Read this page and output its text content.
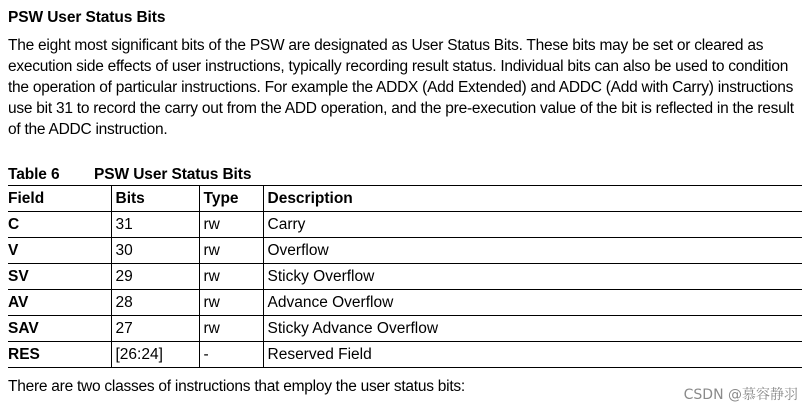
PSW User Status Bits
The eight most significant bits of the PSW are designated as User Status Bits. These bits may be set or cleared as execution side effects of user instructions, typically recording result status. Individual bits can also be used to condition the operation of particular instructions. For example the ADDX (Add Extended) and ADDC (Add with Carry) instructions use bit 31 to record the carry out from the ADD operation, and the pre-execution value of the bit is reflected in the result of the ADDC instruction.
Table 6	PSW User Status Bits
Field	Bits	Type	Description
C	31	rw	Carry
V	30	rw	Overflow
SV	29	rw	Sticky Overflow
AV	28	rw	Advance Overflow
SAV	27	rw	Sticky Advance Overflow
RES	[26:24]	-	Reserved Field
There are two classes of instructions that employ the user status bits:	CSDN @慕容静羽
